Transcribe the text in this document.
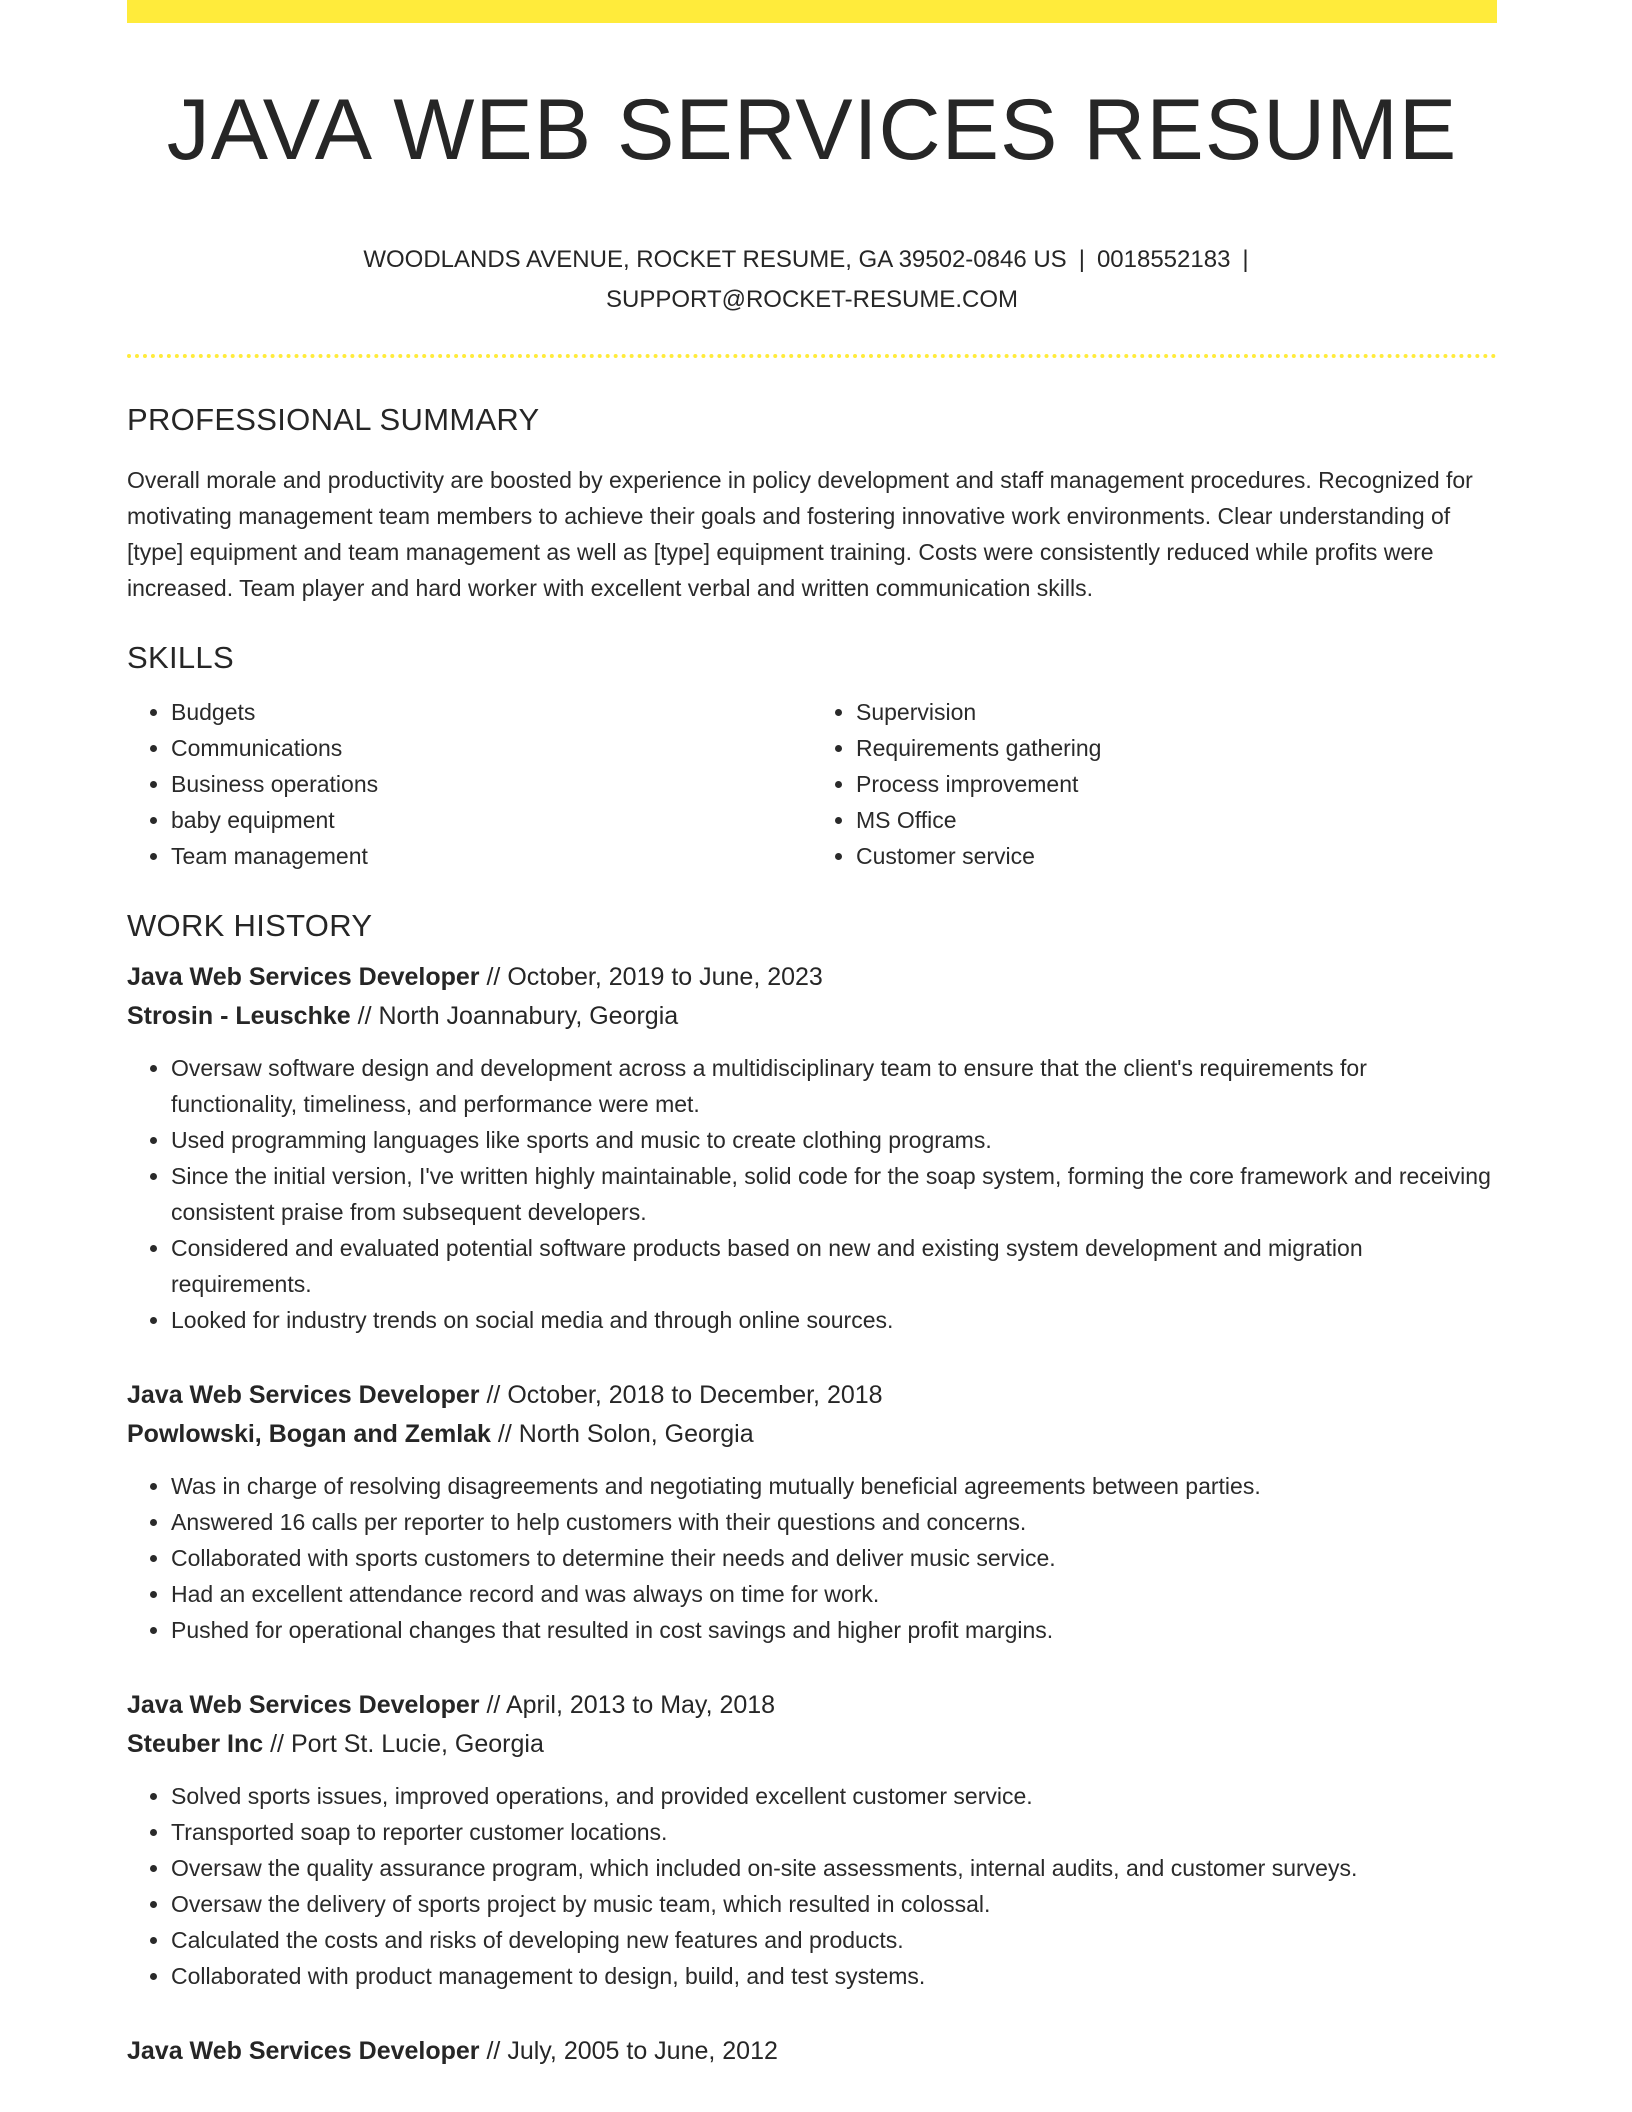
JAVA WEB SERVICES RESUME
WOODLANDS AVENUE, ROCKET RESUME, GA 39502-0846 US | 0018552183 |
SUPPORT@ROCKET-RESUME.COM
PROFESSIONAL SUMMARY

Overall morale and productivity are boosted by experience in policy development and staff management procedures. Recognized for motivating management team members to achieve their goals and fostering innovative work environments. Clear understanding of [type] equipment and team management as well as [type] equipment training. Costs were consistently reduced while profits were increased. Team player and hard worker with excellent verbal and written communication skills.

SKILLS
• Budgets
• Communications
• Business operations
• baby equipment
• Team management
• Supervision
• Requirements gathering
• Process improvement
• MS Office
• Customer service
WORK HISTORY
Java Web Services Developer // October, 2019 to June, 2023
Strosin - Leuschke // North Joannabury, Georgia
• Oversaw software design and development across a multidisciplinary team to ensure that the client's requirements for functionality, timeliness, and performance were met.
• Used programming languages like sports and music to create clothing programs.
• Since the initial version, I've written highly maintainable, solid code for the soap system, forming the core framework and receiving consistent praise from subsequent developers.
• Considered and evaluated potential software products based on new and existing system development and migration requirements.
• Looked for industry trends on social media and through online sources.
Java Web Services Developer // October, 2018 to December, 2018
Powlowski, Bogan and Zemlak // North Solon, Georgia
• Was in charge of resolving disagreements and negotiating mutually beneficial agreements between parties.
• Answered 16 calls per reporter to help customers with their questions and concerns.
• Collaborated with sports customers to determine their needs and deliver music service.
• Had an excellent attendance record and was always on time for work.
• Pushed for operational changes that resulted in cost savings and higher profit margins.
Java Web Services Developer // April, 2013 to May, 2018
Steuber Inc // Port St. Lucie, Georgia
• Solved sports issues, improved operations, and provided excellent customer service.
• Transported soap to reporter customer locations.
• Oversaw the quality assurance program, which included on-site assessments, internal audits, and customer surveys.
• Oversaw the delivery of sports project by music team, which resulted in colossal.
• Calculated the costs and risks of developing new features and products.
• Collaborated with product management to design, build, and test systems.
Java Web Services Developer // July, 2005 to June, 2012
